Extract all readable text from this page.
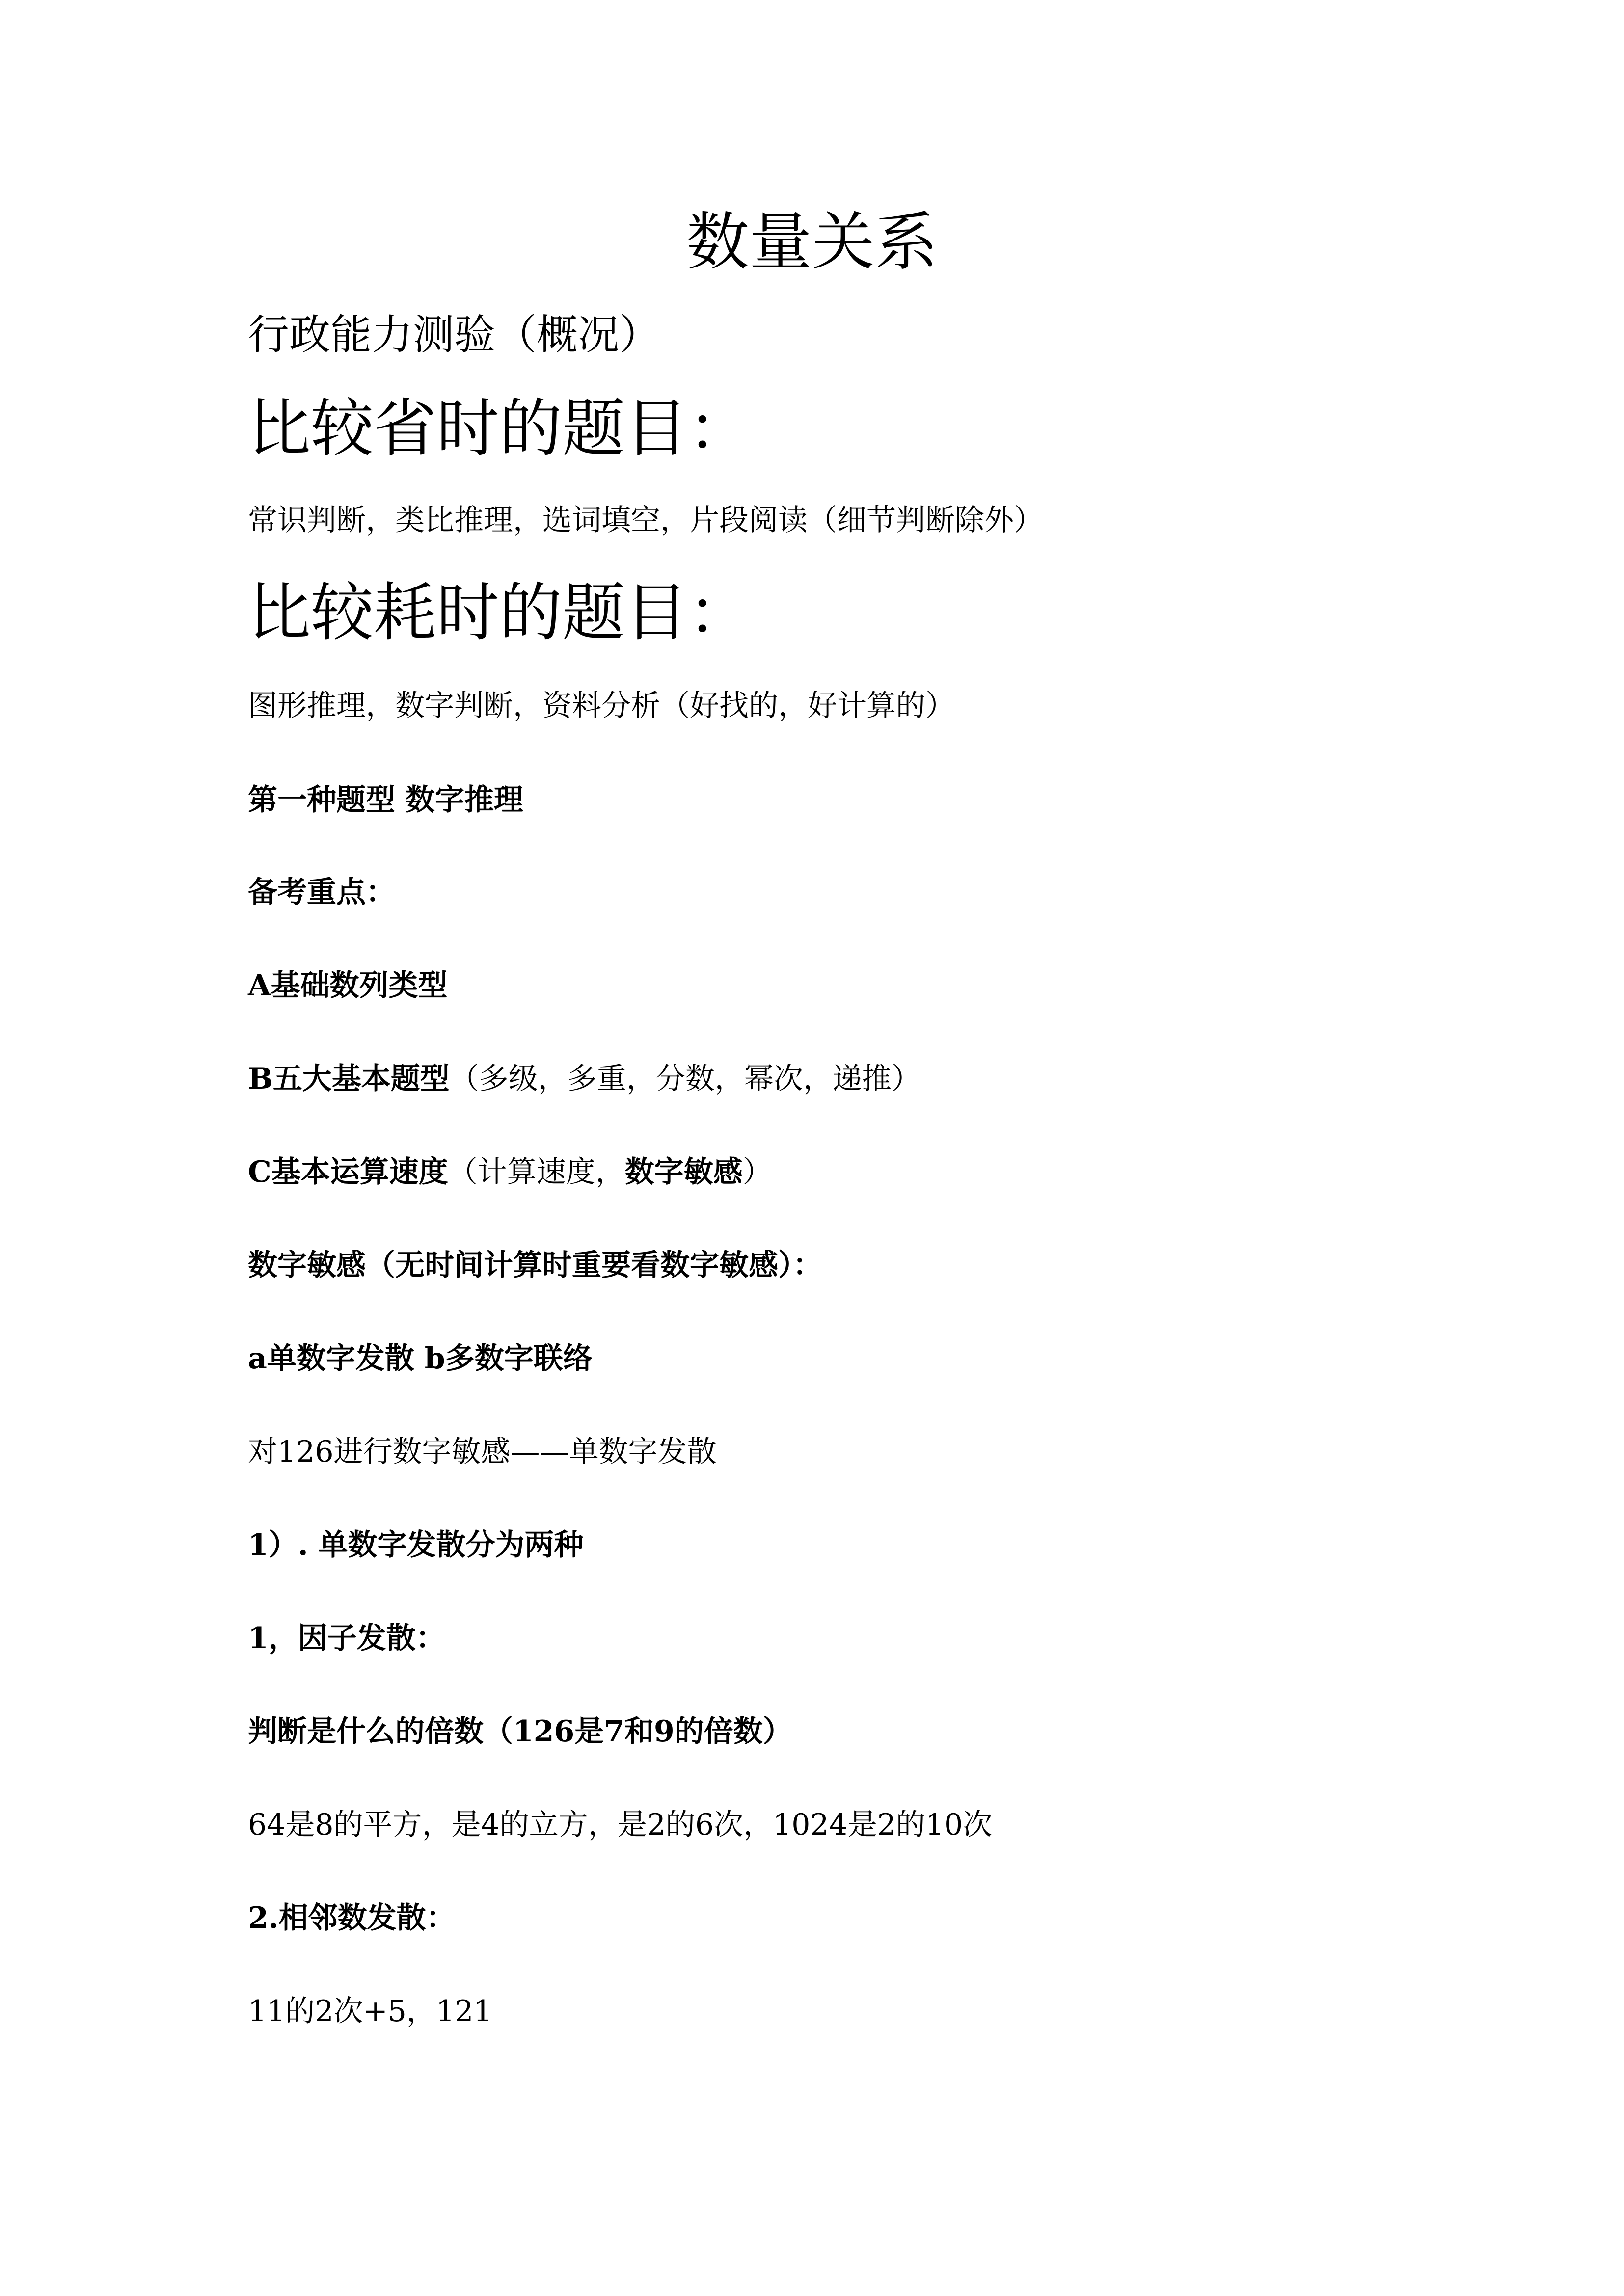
数量关系
行政能力测验（概况）
比较省时的题目：
常识判断，类比推理，选词填空，片段阅读（细节判断除外）
比较耗时的题目：
图形推理，数字判断，资料分析（好找的，好计算的）
第一种题型 数字推理
备考重点：
A基础数列类型
B五大基本题型（多级，多重，分数，幂次，递推）
C基本运算速度（计算速度，数字敏感）
数字敏感（无时间计算时重要看数字敏感）：
a单数字发散 b多数字联络
对126进行数字敏感——单数字发散
1）. 单数字发散分为两种
1，因子发散：
判断是什么的倍数（126是7和9的倍数）
64是8的平方，是4的立方，是2的6次，1024是2的10次
2.相邻数发散：
11的2次+5，121
